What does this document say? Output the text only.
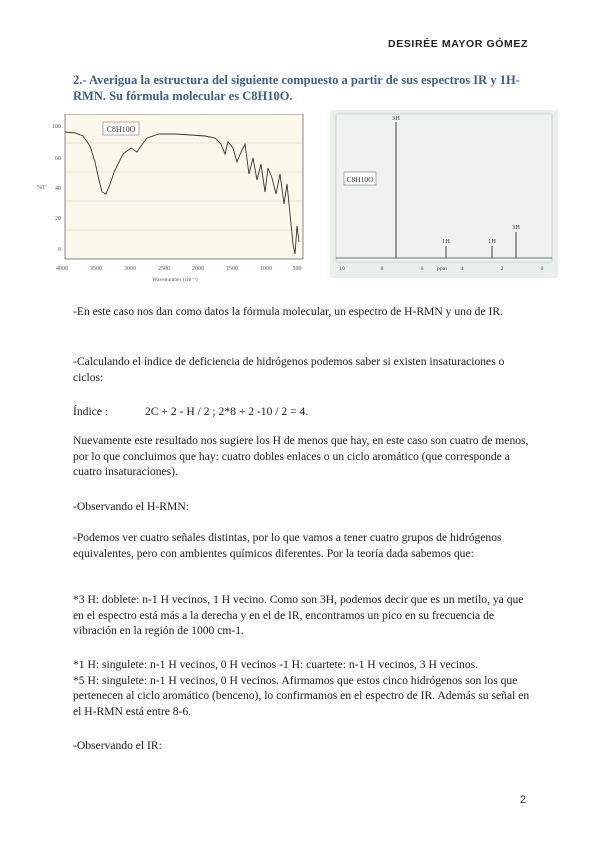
DESIRÉE MAYOR GÓMEZ
2.- Averigua la estructura del siguiente compuesto a partir de sus espectros IR y 1H-RMN. Su fórmula molecular es C8H10O.
C8H10O
%T
100
60
40
20
0
4000	3500	3000	2500	2000	1500	1000	500
Wavenumber (cm⁻¹)
C8H10O
3H
1H	1H
3H
10	8	6 ppm 4	2	0

-En este caso nos dan como datos la fórmula molecular, un espectro de H-RMN y uno de IR.

-Calculando el índice de deficiencia de hidrógenos podemos saber si existen insaturaciones o ciclos:

Índice :	2C + 2 - H / 2 ; 2*8 + 2 -10 / 2 = 4.

Nuevamente este resultado nos sugiere los H de menos que hay, en este caso son cuatro de menos, por lo que concluimos que hay: cuatro dobles enlaces o un ciclo aromático (que corresponde a cuatro insaturaciones).

-Observando el H-RMN:

-Podemos ver cuatro señales distintas, por lo que vamos a tener cuatro grupos de hidrógenos equivalentes, pero con ambientes químicos diferentes. Por la teoría dada sabemos que:

*3 H: doblete: n-1 H vecinos, 1 H vecino. Como son 3H, podemos decir que es un metilo, ya que en el espectro está más a la derecha y en el de IR, encontramos un pico en su frecuencia de vibración en la región de 1000 cm-1.

*1 H: singulete: n-1 H vecinos, 0 H vecinos -1 H: cuartete: n-1 H vecinos, 3 H vecinos.

*5 H: singulete: n-1 H vecinos, 0 H vecinos. Afirmamos que estos cinco hidrógenos son los que pertenecen al ciclo aromático (benceno), lo confirmamos en el espectro de IR. Además su señal en el H-RMN está entre 8-6.

-Observando el IR:

2
